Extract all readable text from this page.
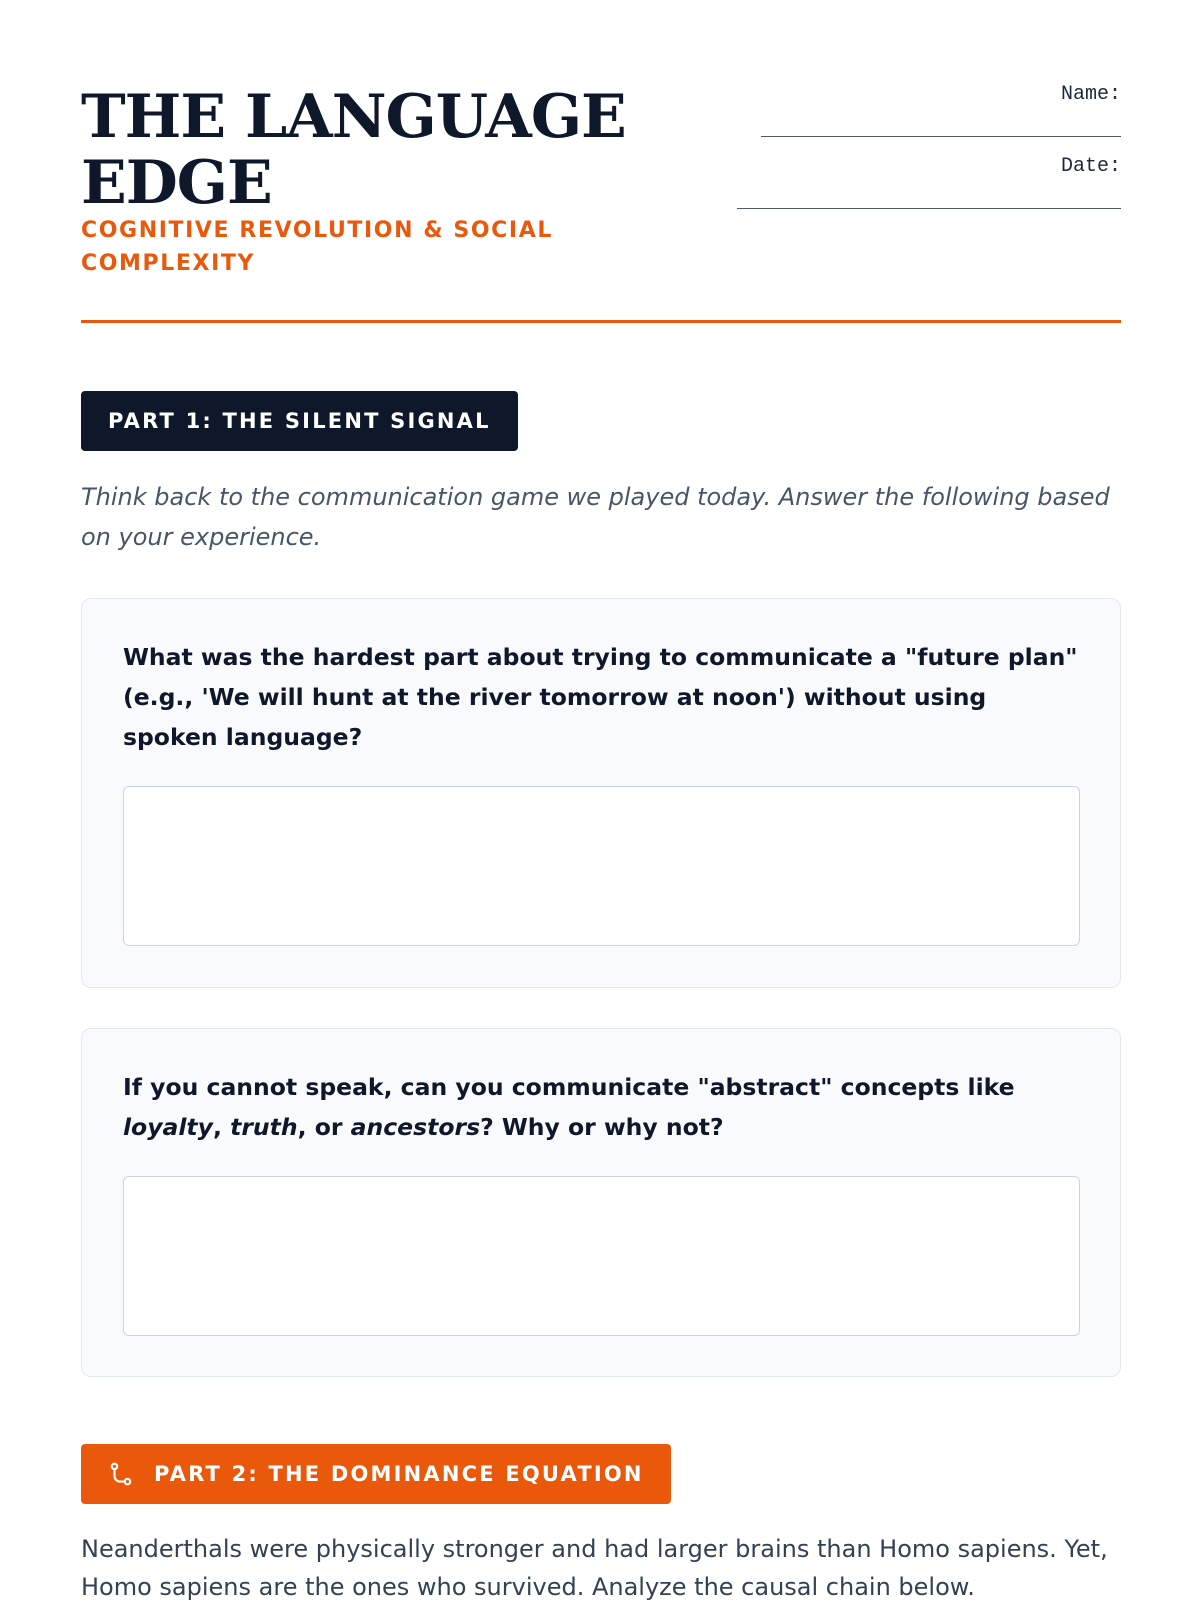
THE LANGUAGE EDGE

COGNITIVE REVOLUTION & SOCIAL COMPLEXITY

Name:
______________________________
Date:
________________________________
PART 1: THE SILENT SIGNAL

Think back to the communication game we played today. Answer the following based on your experience.

What was the hardest part about trying to communicate a "future plan" (e.g., 'We will hunt at the river tomorrow at noon') without using spoken language?

If you cannot speak, can you communicate "abstract" concepts like loyalty, truth, or ancestors? Why or why not?

PART 2: THE DOMINANCE EQUATION

Neanderthals were physically stronger and had larger brains than Homo sapiens. Yet, Homo sapiens are the ones who survived. Analyze the causal chain below.
